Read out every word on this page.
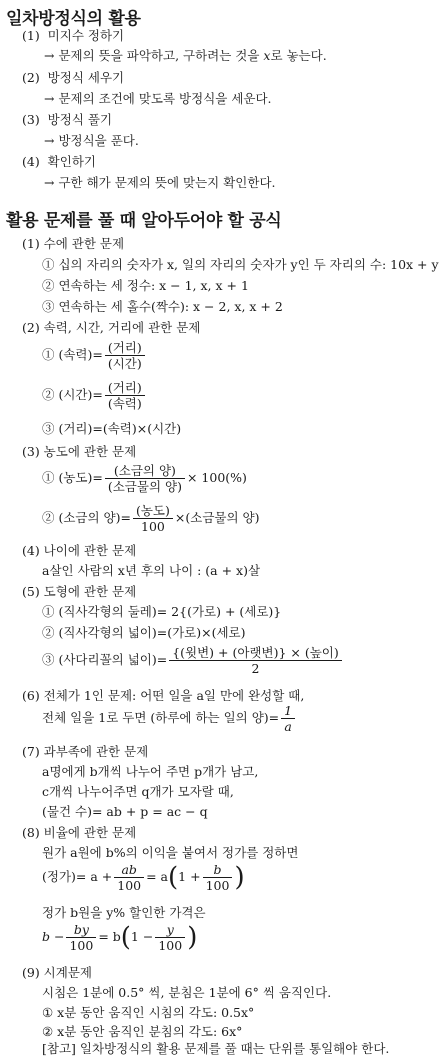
일차방정식의 활용
(1) 미지수 정하기
→ 문제의 뜻을 파악하고, 구하려는 것을 x로 놓는다.
(2) 방정식 세우기
→ 문제의 조건에 맞도록 방정식을 세운다.
(3) 방정식 풀기
→ 방정식을 푼다.
(4) 확인하기
→ 구한 해가 문제의 뜻에 맞는지 확인한다.
활용 문제를 풀 때 알아두어야 할 공식
(1) 수에 관한 문제
① 십의 자리의 숫자가 x, 일의 자리의 숫자가 y인 두 자리의 수: 10x + y
② 연속하는 세 정수: x − 1, x, x + 1
③ 연속하는 세 홀수(짝수): x − 2, x, x + 2
(2) 속력, 시간, 거리에 관한 문제
① (속력)= (거리)
(시간)
② (시간)= (거리)
(속력)
③ (거리)=(속력)×(시간)
(3) 농도에 관한 문제
① (농도)= (소금의 양)
(소금물의 양)
× 100(%)
② (소금의 양)= (농도)
100
×(소금물의 양)
(4) 나이에 관한 문제
a살인 사람의 x년 후의 나이 : (a + x)살
(5) 도형에 관한 문제
① (직사각형의 둘레)= 2{(가로) + (세로)}
② (직사각형의 넓이)=(가로)×(세로)
③ (사다리꼴의 넓이)= {(윗변) + (아랫변)} × (높이)
2
(6) 전체가 1인 문제: 어떤 일을 a일 만에 완성할 때,
전체 일을 1로 두면 (하루에 하는 일의 양)= $\frac{1}{a}$
(7) 과부족에 관한 문제
a명에게 b개씩 나누어 주면 p개가 남고,
c개씩 나누어주면 q개가 모자랄 때,
(물건 수)= ab + p = ac − q
(8) 비율에 관한 문제
원가 a원에 b%의 이익을 붙여서 정가를 정하면
(정가)= $a + \frac{ab}{100} = a(1 + \frac{b}{100}$ )
정가 b원을 y% 할인한 가격은
$b - \frac{by}{100} = b(1 - \frac{y}{100}$ )
(9) 시계문제
시침은 1분에 0.5° 씩, 분침은 1분에 6° 씩 움직인다.
① x분 동안 움직인 시침의 각도: 0.5x°
② x분 동안 움직인 분침의 각도: 6x°
[참고] 일차방정식의 활용 문제를 풀 때는 단위를 통일해야 한다.
